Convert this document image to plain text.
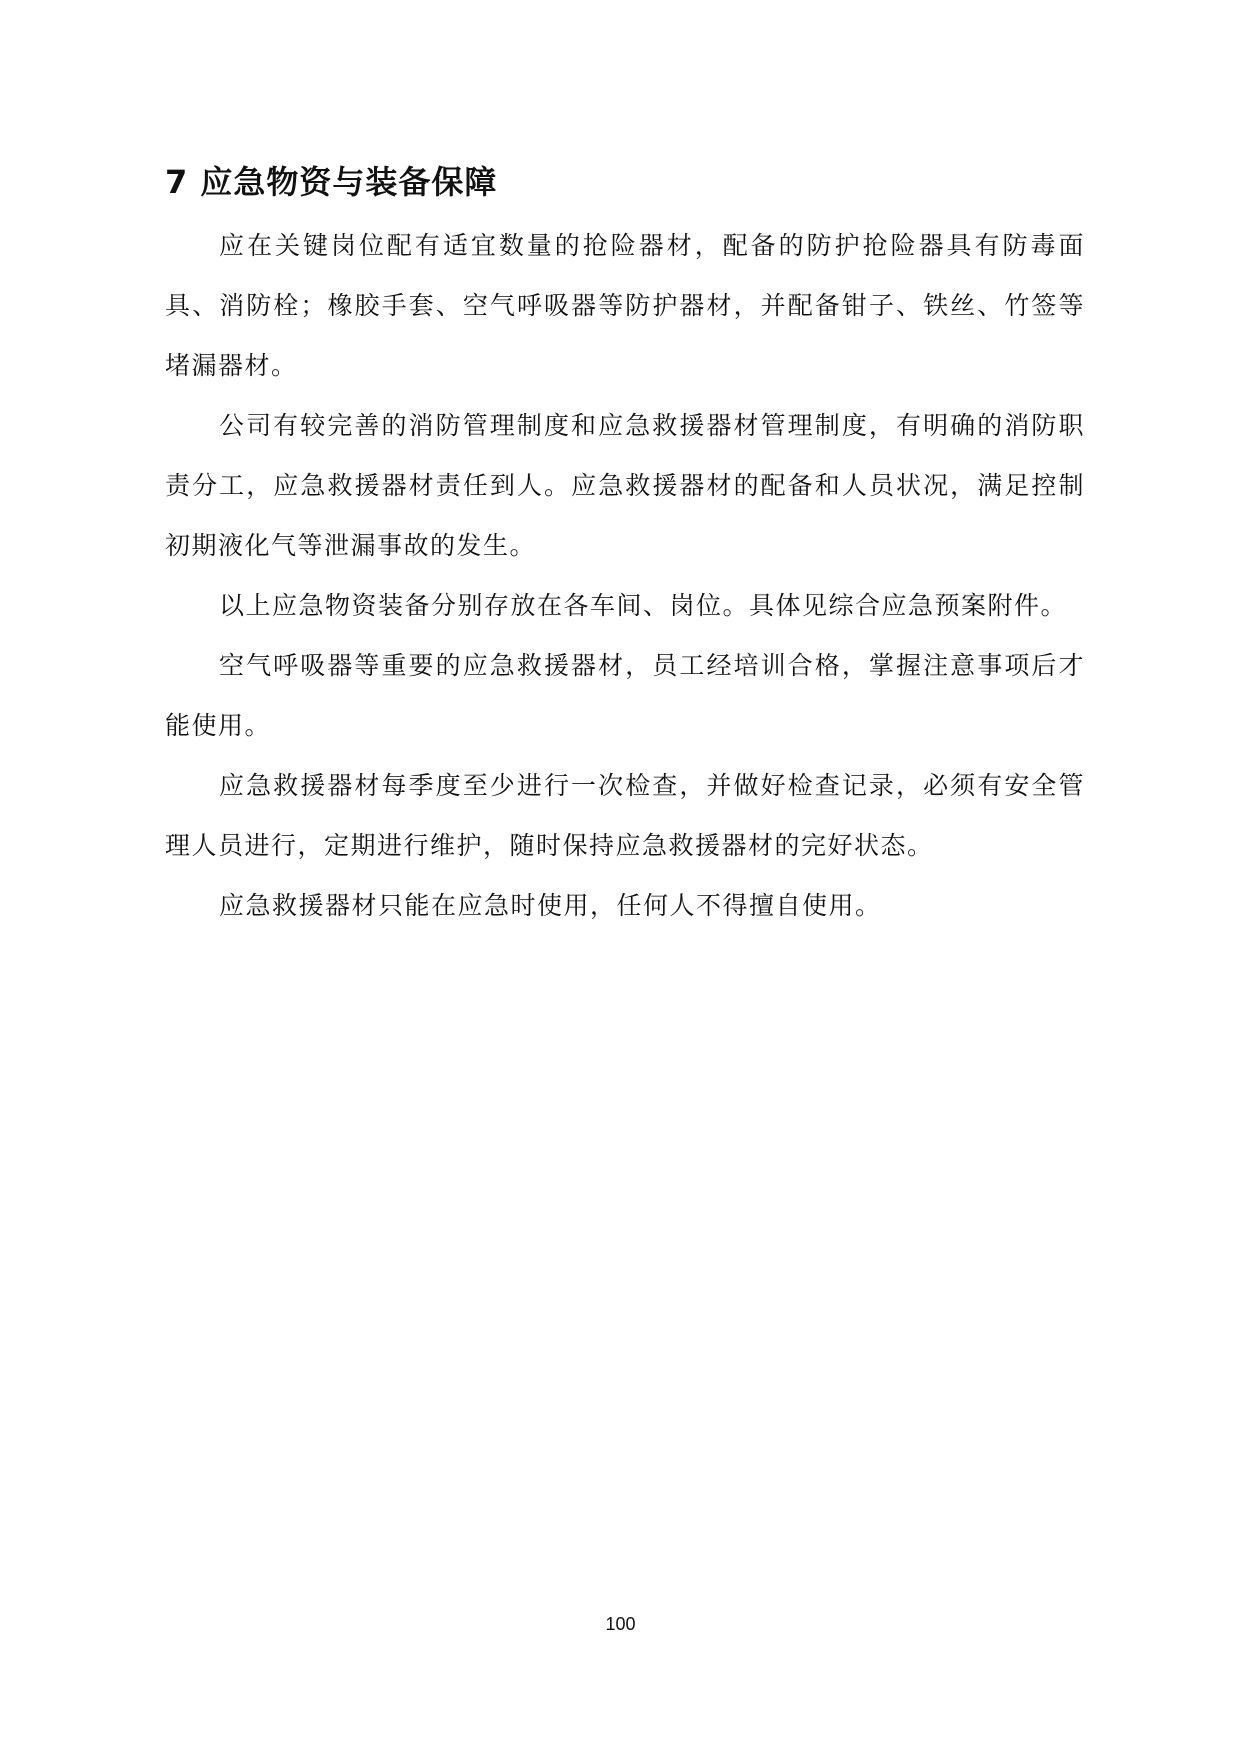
7 应急物资与装备保障

应在关键岗位配有适宜数量的抢险器材，配备的防护抢险器具有防毒面具、消防栓；橡胶手套、空气呼吸器等防护器材，并配备钳子、铁丝、竹签等堵漏器材。

公司有较完善的消防管理制度和应急救援器材管理制度，有明确的消防职责分工，应急救援器材责任到人。应急救援器材的配备和人员状况，满足控制初期液化气等泄漏事故的发生。

以上应急物资装备分别存放在各车间、岗位。具体见综合应急预案附件。

空气呼吸器等重要的应急救援器材，员工经培训合格，掌握注意事项后才能使用。

应急救援器材每季度至少进行一次检查，并做好检查记录，必须有安全管理人员进行，定期进行维护，随时保持应急救援器材的完好状态。

应急救援器材只能在应急时使用，任何人不得擅自使用。

100
